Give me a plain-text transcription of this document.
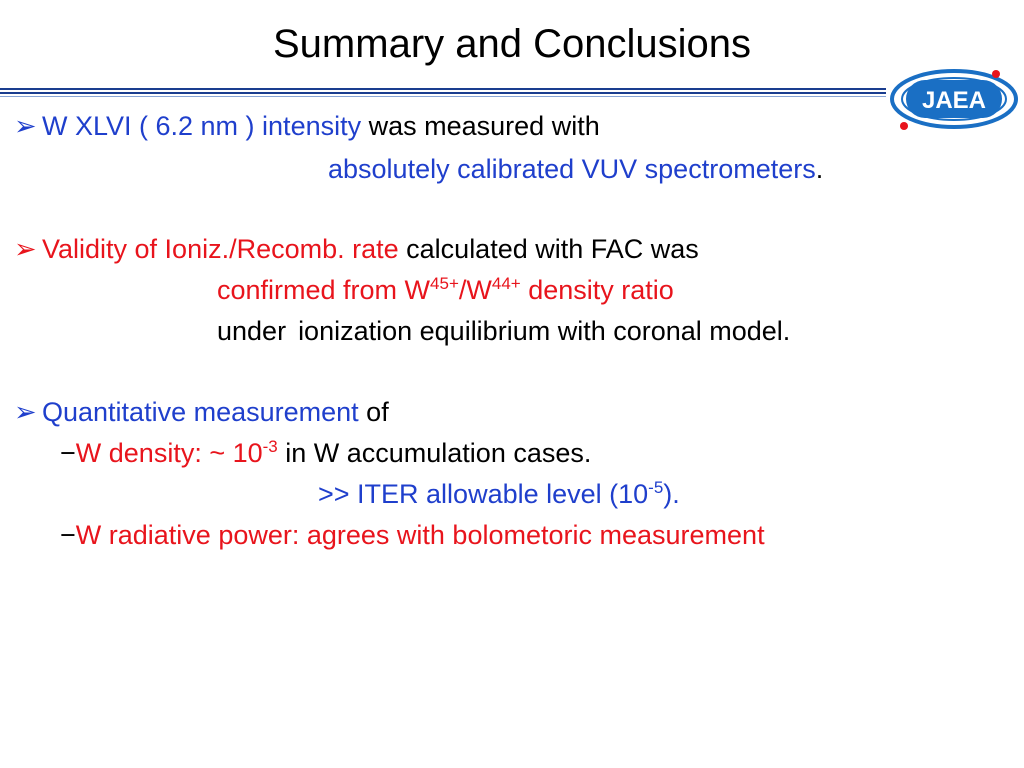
Summary and Conclusions
JAEA
➢ W XLVI ( 6.2 nm ) intensity was measured with
absolutely calibrated VUV spectrometers.
➢ Validity of Ioniz./Recomb. rate calculated with FAC was
confirmed from $W^{45+}/W^{44+}$ density ratio
under ionization equilibrium with coronal model.
➢ Quantitative measurement of
−W density: ~ $10^{-3}$ in W accumulation cases.
>> ITER allowable level $(10^{-5})$.
−W radiative power: agrees with bolometoric measurement
